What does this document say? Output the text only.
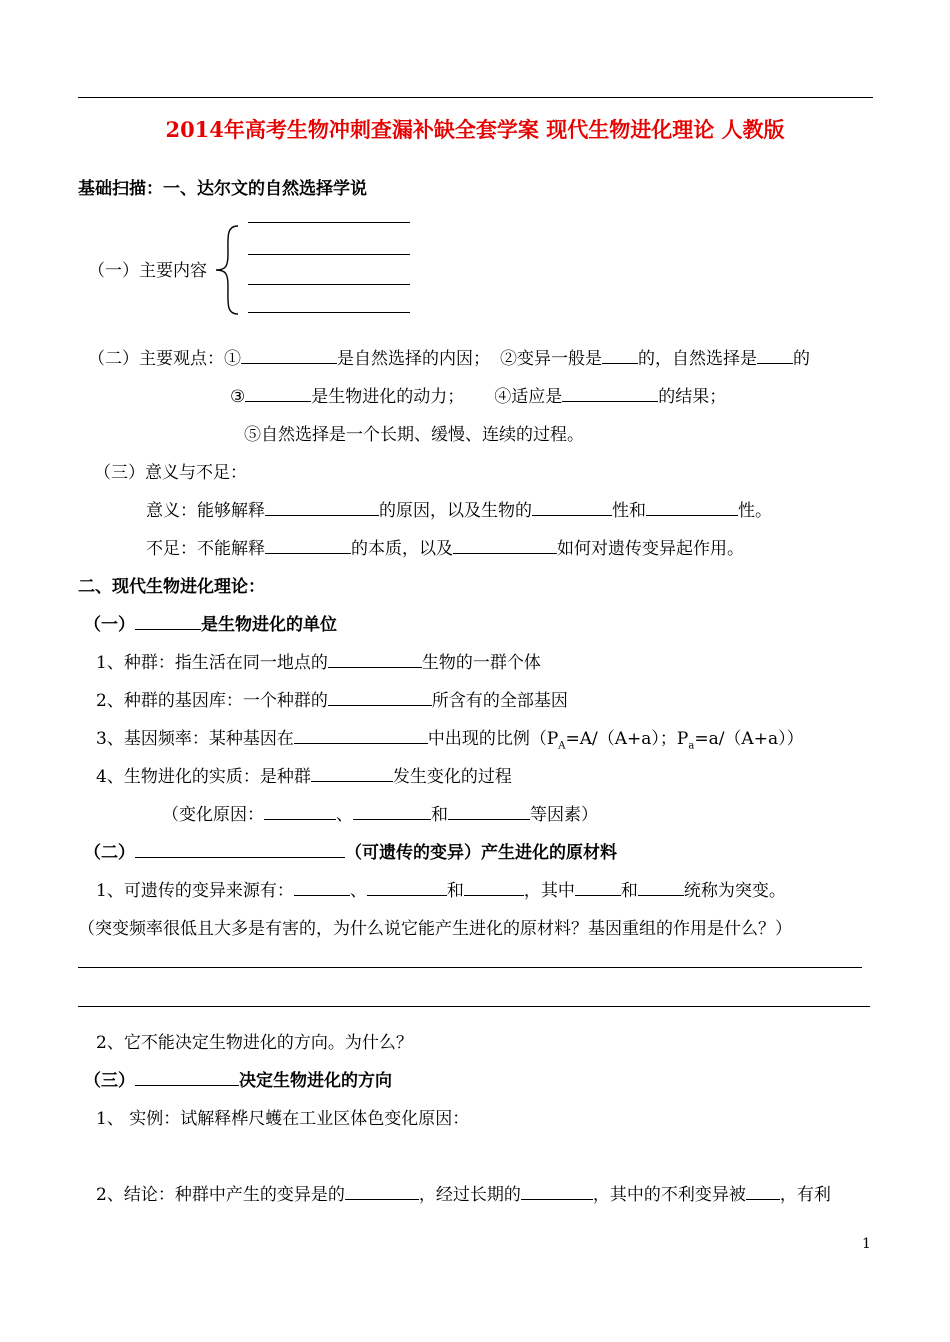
2014年高考生物冲刺查漏补缺全套学案 现代生物进化理论 人教版
基础扫描：一、达尔文的自然选择学说
（一）主要内容
（二）主要观点：①	是自然选择的内因； ②变异一般是 的，自然选择是 的
③	是生物进化的动力； ④适应是	的结果；
⑤自然选择是一个长期、缓慢、连续的过程。
（三）意义与不足：
意义：能够解释	的原因，以及生物的	性和	性。
不足：不能解释	的本质，以及	如何对遗传变异起作用。
二、现代生物进化理论：
（一）	是生物进化的单位
1、种群：指生活在同一地点的	生物的一群个体
2、种群的基因库：一个种群的	所含有的全部基因
3、基因频率：某种基因在	中出现的比例（$P_A=A/(A+a)$；$P_a=a/(A+a)$）
4、生物进化的实质：是种群	发生变化的过程
（变化原因：	、	和	等因素）
（二）	（可遗传的变异）产生进化的原材料
1、可遗传的变异来源有：	、	和	，其中	和	统称为突变。
（突变频率很低且大多是有害的，为什么说它能产生进化的原材料？基因重组的作用是什么？）
2、它不能决定生物进化的方向。为什么？
（三）	决定生物进化的方向
1、 实例：试解释桦尺蠖在工业区体色变化原因：
2、结论：种群中产生的变异是的	，经过长期的	，其中的不利变异被 ，有利
1
